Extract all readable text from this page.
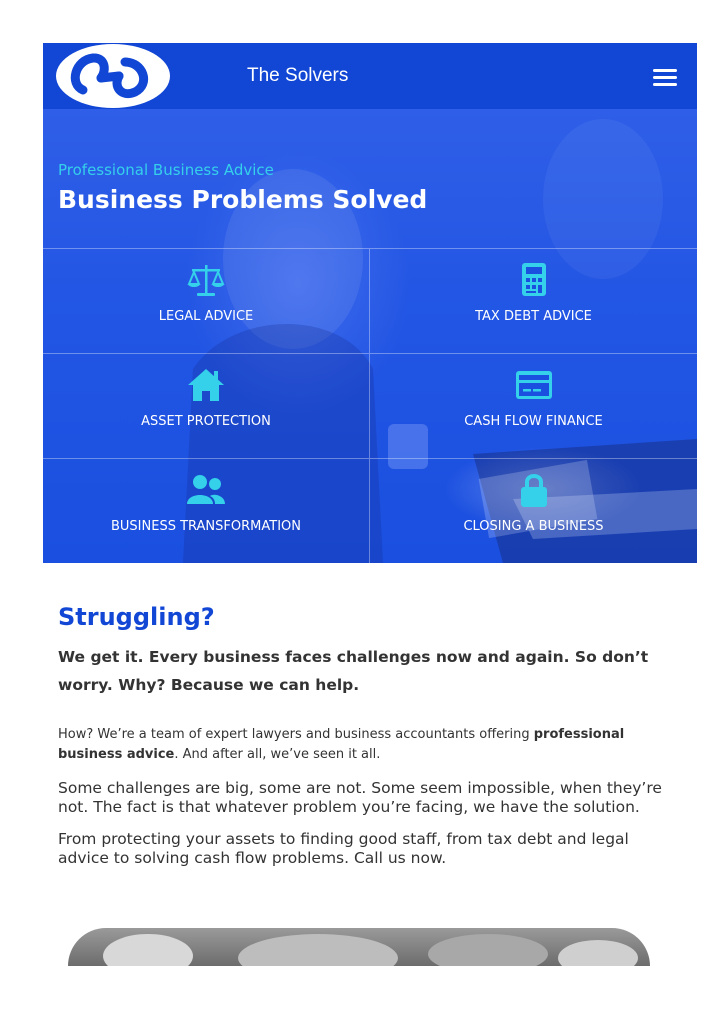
The Solvers
Professional Business Advice
Business Problems Solved
LEGAL ADVICE	TAX DEBT ADVICE
ASSET PROTECTION	CASH FLOW FINANCE
BUSINESS TRANSFORMATION	CLOSING A BUSINESS
Struggling?

We get it. Every business faces challenges now and again. So don’t worry. Why? Because we can help.

How? We’re a team of expert lawyers and business accountants offering professional business advice. And after all, we’ve seen it all.

Some challenges are big, some are not. Some seem impossible, when they’re not. The fact is that whatever problem you’re facing, we have the solution.

From protecting your assets to finding good staff, from tax debt and legal advice to solving cash flow problems. Call us now.
